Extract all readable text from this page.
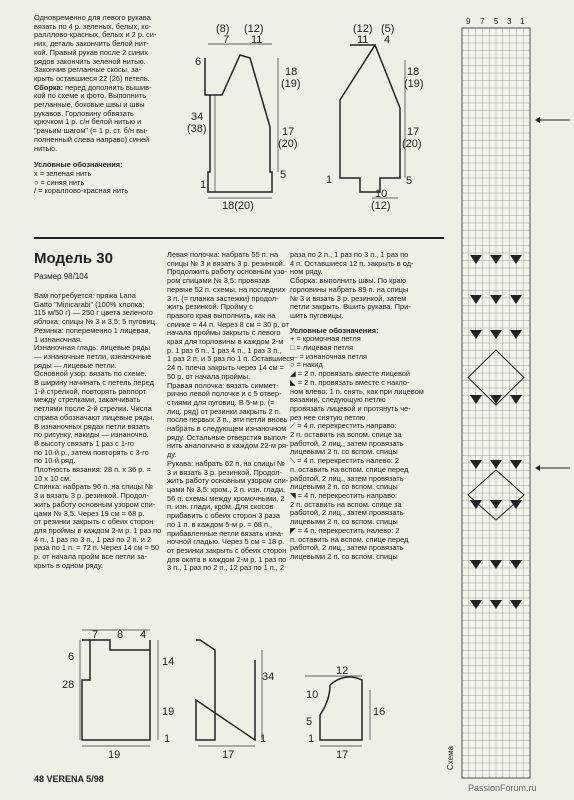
Одновременно для левого рукава
вязать по 4 р. зеленых, белых, ко-
ралллово-красных, белых и 2 р. си-
них, деталь закончить белой нит-
кой. Правый рукав после 2 синих
рядов закончить зеленой нитью.
Закончив регланные скосы, за-
крыть оставшиеся 22 (26) петель.
Сборка: перед дополнить вышив-
кой по схеме и фото. Выполнить
регланные, боковые швы и швы
рукавов. Горловину обвязать
крючком 1 р. с/н белой нитью и
"рачьим шагом" (= 1 р. ст. б/н вы-
полненный слева направо) синей
нитью.
Условные обозначения:
х = зеленая нить
○ = синяя нить
/ = кораллово-красная нить
Модель 30
Размер 98/104
Вам потребуется: пряжа Lana
Gatto "Minicarabi" (100% хлопка;
115 м/50 г) — 250 г цвета зеленого
яблока; спицы № 3 и 3,5; 5 пуговиц.
Резинка: попеременно 1 лицевая,
1 изнаночная.
Изнаночная гладь: лицевые ряды
— изнаночные петли, изнаночные
ряды — лицевые петли.
Основной узор: вязать по схеме.
В ширину начинать с петель перед
1-й стрелкой, повторять раппорт
между стрелками, заканчивать
петлями после 2-й стрелки. Числа
справа обозначают лицевые ряды.
В изнаночных рядах петли вязать
по рисунку, накиды — изнаночно.
В высоту связать 1 раз с 1-го
по 10-й р., затем повторять с 3-го
по 10-й ряд.
Плотность вязания: 28 п. х 36 р. =
10 х 10 см.
Спинка: набрать 96 п. на спицы №
3 и вязать 3 р. резинкой. Продол-
жить работу основным узором спи-
цами № 3,5. Через 19 см = 68 р.
от резинки закрыть с обеих сторон
для проймы в каждом 2-м р. 1 раз по
4 п., 1 раз по 3 п., 1 раз по 2 п. и 2
раза по 1 п. = 72 п. Через 14 см = 50
р. от начала пройм все петли за-
крыть в одном ряду.
Левая полочка: набрать 55 п. на
спицы № 3 и вязать 3 р. резинкой.
Продолжить работу основным узо-
ром спицами № 3,5: провязав
первые 52 п. схемы, на последних
3 п. (= планка застежки) продол-
жить резинкой. Пройму с
правого края выполнить, как на
спинке = 44 п. Через 8 см = 30 р. от
начала проймы закрыть с левого
края для горловины в каждом 2-м
р. 1 раз 6 п., 1 раз 4 п., 1 раз 3 п.,
1 раз 2 п. и 5 раз по 1 п. Оставшиеся
24 п. плеча закрыть через 14 см =
50 р. от начала проймы.
Правая полочка: вязать симмет-
рично левой полочке и с 5 отвер-
стиями для пуговиц. В 5-м р. (=
лиц. ряд) от резинки закрыть 2 п.
после первых 3 п., эти петли вновь
набрать в следующем изнаночном
ряду. Остальные отверстия выпол-
нить аналогично в каждом 22-м ря-
ду.
Рукава: набрать 62 п. на спицы №
3 и вязать 3 р. резинкой. Продол-
жить работу основным узором спи-
цами № 3,5: кром., 2 п. изн. глади,
56 п. схемы между кромочными, 2
п. изн. глади, кром. Для скосов
прибавить с обеих сторон 3 раза
по 1 п. в каждом 5-м р. = 68 п.,
прибавленные петли вязать изна-
ночной гладью. Через 5 см = 18 р.
от резинки закрыть с обеих сторон
для оката в каждом 2-м р. 1 раз по
3 п., 1 раз по 2 п., 12 раз по 1 п., 2
раза по 2 п., 1 раз по 3 п., 1 раз по
4 п. Оставшиеся 12 п. закрыть в од-
ном ряду.
Сборка: выполнить швы. По краю
горловины набрать 89 п. на спицы
№ 3 и вязать 3 р. резинкой, затем
петли закрыть. Вшить рукава. При-
шить пуговицы.
Условные обозначения:
+ = кромочная петля
□ = лицевая петля
— = изнаночная петля
○ = накид
◢ = 2 п. провязать вместе лицевой
◣ = 2 п. провязать вместе с накло-
ном влево: 1 п. снять, как при лицевом
вязании, следующую петлю
провязать лицевой и протянуть че-
рез нее снятую петлю
⟋ = 4 п. перекрестить направо:
2 п. оставить на вспом. спице за
работой, 2 лиц., затем провязать
лицевыми 2 п. со вспом. спицы
⟍ = 4 п. перекрестить налево: 2
п. оставить на вспом. спице перед
работой, 2 лиц., затем провязать
лицевыми 2 п. со вспом. спицы
◥ = 4 п. перекрестить направо:
2 п. оставить на вспом. спице за
работой, 2 лиц., затем провязать
лицевыми 2 п. со вспом. спицы
◤ = 4 п. перекрестить налево: 2
п. оставить на вспом. спице перед
работой, 2 лиц., затем провязать
лицевыми 2 п. со вспом. спицы
(8)
7
(12)
11
6
18
(19)
34
(38)	17
(20)
5
1
18(20)
(12)
11
(5)
4
18
(19)
17
(20)
1	5
10
(12)
7 8 4
6	14
28
19
1
19
34
1
17
12
10
16
1
17
5
9 7 5 3 1
Схема
48 VERENA 5/98
PassionForum.ru
